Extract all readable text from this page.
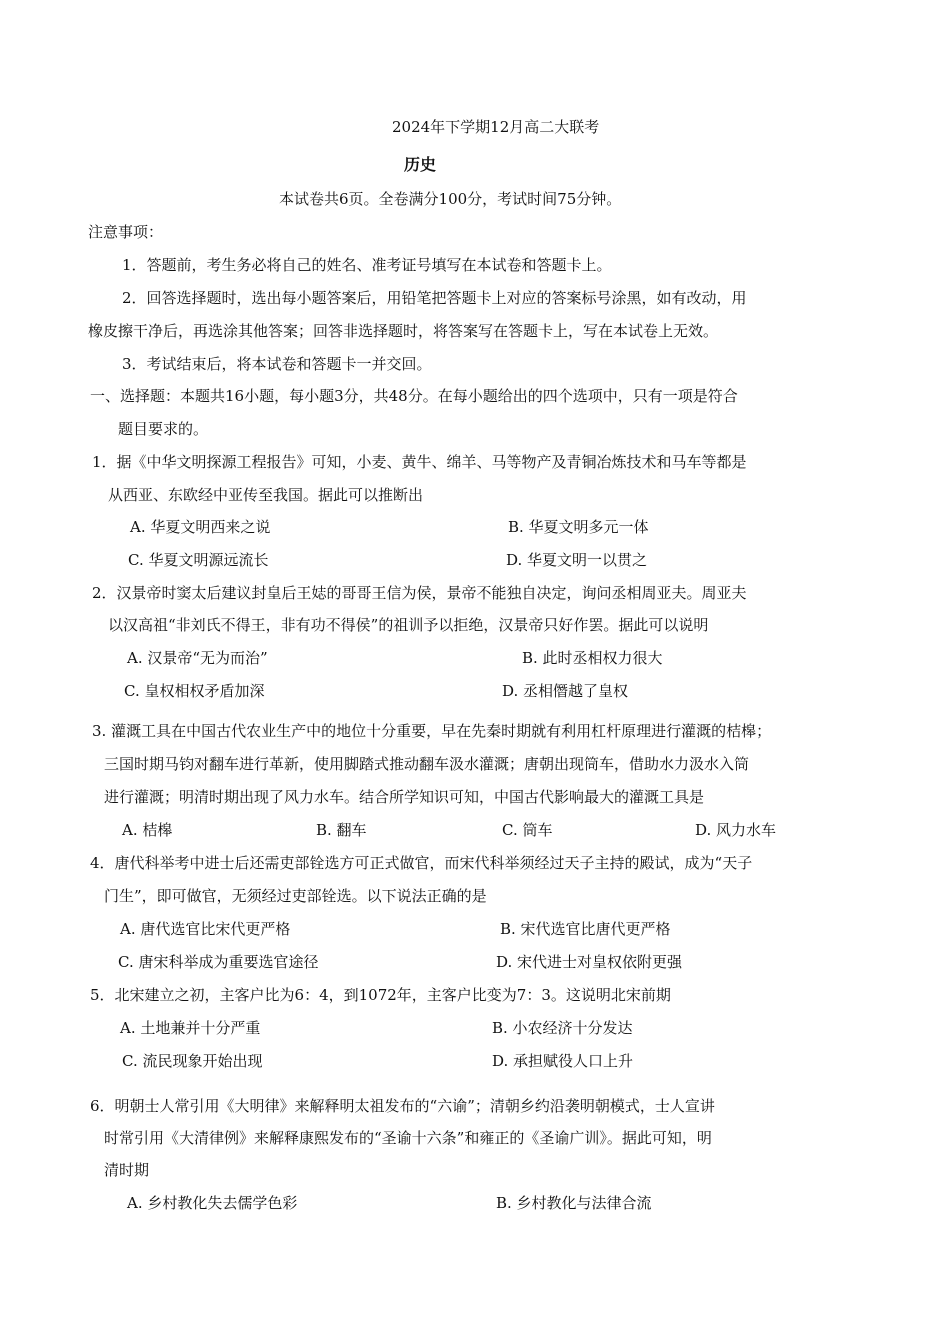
2024年下学期12月高二大联考
历史
本试卷共6页。全卷满分100分，考试时间75分钟。
注意事项：
1．答题前，考生务必将自己的姓名、准考证号填写在本试卷和答题卡上。
2．回答选择题时，选出每小题答案后，用铅笔把答题卡上对应的答案标号涂黑，如有改动，用
橡皮擦干净后，再选涂其他答案；回答非选择题时，将答案写在答题卡上，写在本试卷上无效。
3．考试结束后，将本试卷和答题卡一并交回。
一、选择题：本题共16小题，每小题3分，共48分。在每小题给出的四个选项中，只有一项是符合
题目要求的。
1．据《中华文明探源工程报告》可知，小麦、黄牛、绵羊、马等物产及青铜冶炼技术和马车等都是
从西亚、东欧经中亚传至我国。据此可以推断出
A. 华夏文明西来之说	B. 华夏文明多元一体
C. 华夏文明源远流长	D. 华夏文明一以贯之
2．汉景帝时窦太后建议封皇后王娡的哥哥王信为侯，景帝不能独自决定，询问丞相周亚夫。周亚夫
以汉高祖“非刘氏不得王，非有功不得侯”的祖训予以拒绝，汉景帝只好作罢。据此可以说明
A. 汉景帝“无为而治”	B. 此时丞相权力很大
C. 皇权相权矛盾加深	D. 丞相僭越了皇权
3. 灌溉工具在中国古代农业生产中的地位十分重要，早在先秦时期就有利用杠杆原理进行灌溉的桔槔；
三国时期马钧对翻车进行革新，使用脚踏式推动翻车汲水灌溉；唐朝出现筒车，借助水力汲水入筒
进行灌溉；明清时期出现了风力水车。结合所学知识可知，中国古代影响最大的灌溉工具是
A. 桔槔	B. 翻车	C. 筒车	D. 风力水车
4．唐代科举考中进士后还需吏部铨选方可正式做官，而宋代科举须经过天子主持的殿试，成为“天子
门生”，即可做官，无须经过吏部铨选。以下说法正确的是
A. 唐代选官比宋代更严格	B. 宋代选官比唐代更严格
C. 唐宋科举成为重要选官途径	D. 宋代进士对皇权依附更强
5．北宋建立之初，主客户比为6：4，到1072年，主客户比变为7：3。这说明北宋前期
A. 土地兼并十分严重	B. 小农经济十分发达
C. 流民现象开始出现	D. 承担赋役人口上升
6．明朝士人常引用《大明律》来解释明太祖发布的“六谕”；清朝乡约沿袭明朝模式，士人宣讲
时常引用《大清律例》来解释康熙发布的“圣谕十六条”和雍正的《圣谕广训》。据此可知，明
清时期
A. 乡村教化失去儒学色彩	B. 乡村教化与法律合流
